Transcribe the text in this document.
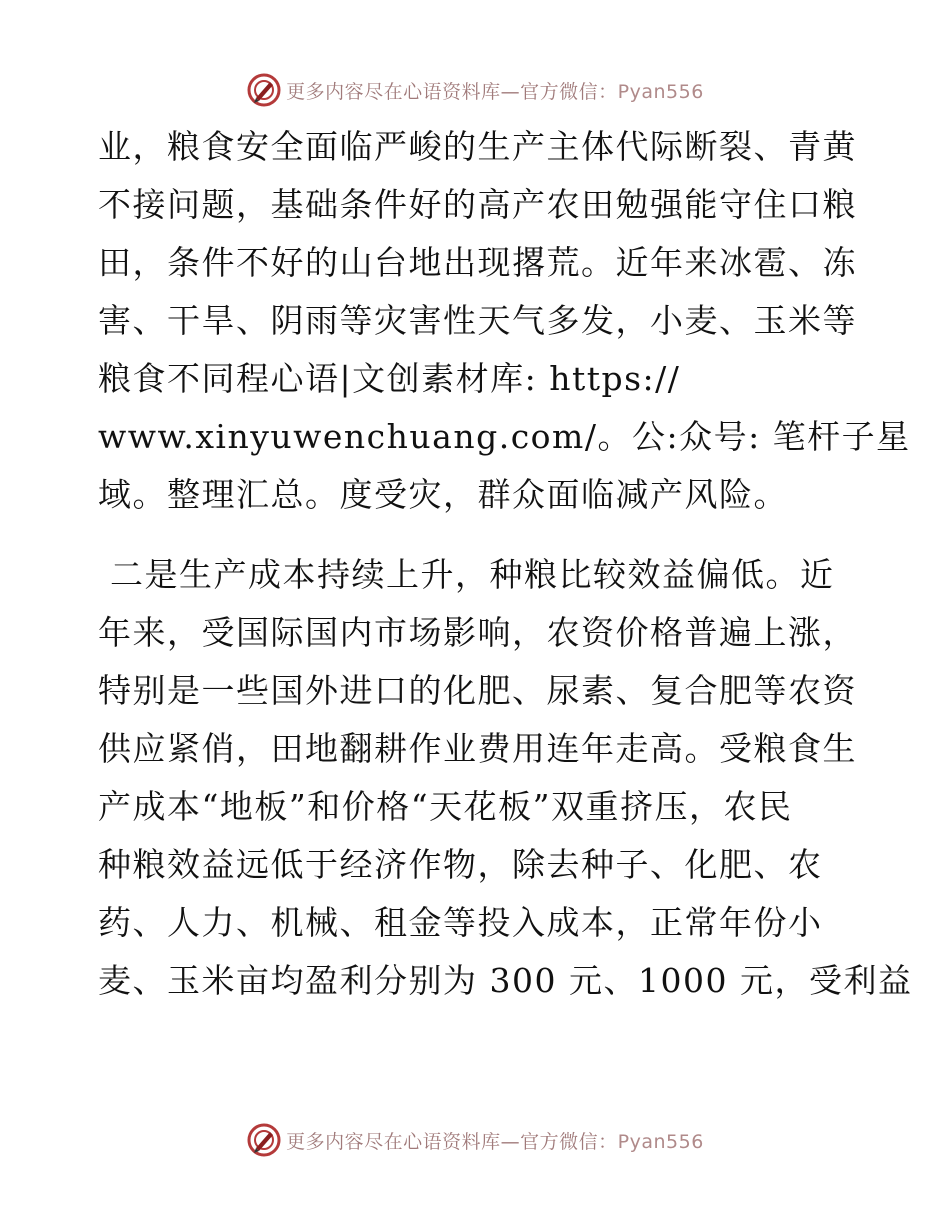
更多内容尽在心语资料库—官方微信：Pyan556

业，粮食安全面临严峻的生产主体代际断裂、青黄
不接问题，基础条件好的高产农田勉强能守住口粮
田，条件不好的山台地出现撂荒。近年来冰雹、冻
害、干旱、阴雨等灾害性天气多发，小麦、玉米等
粮食不同程心语|文创素材库: https://
www.xinyuwenchuang.com/。公:众号: 笔杆子星
域。整理汇总。度受灾，群众面临减产风险。

二是生产成本持续上升，种粮比较效益偏低。近
年来，受国际国内市场影响，农资价格普遍上涨，
特别是一些国外进口的化肥、尿素、复合肥等农资
供应紧俏，田地翻耕作业费用连年走高。受粮食生
产成本“地板”和价格“天花板”双重挤压，农民
种粮效益远低于经济作物，除去种子、化肥、农
药、人力、机械、租金等投入成本，正常年份小
麦、玉米亩均盈利分别为 300 元、1000 元，受利益

更多内容尽在心语资料库—官方微信：Pyan556
